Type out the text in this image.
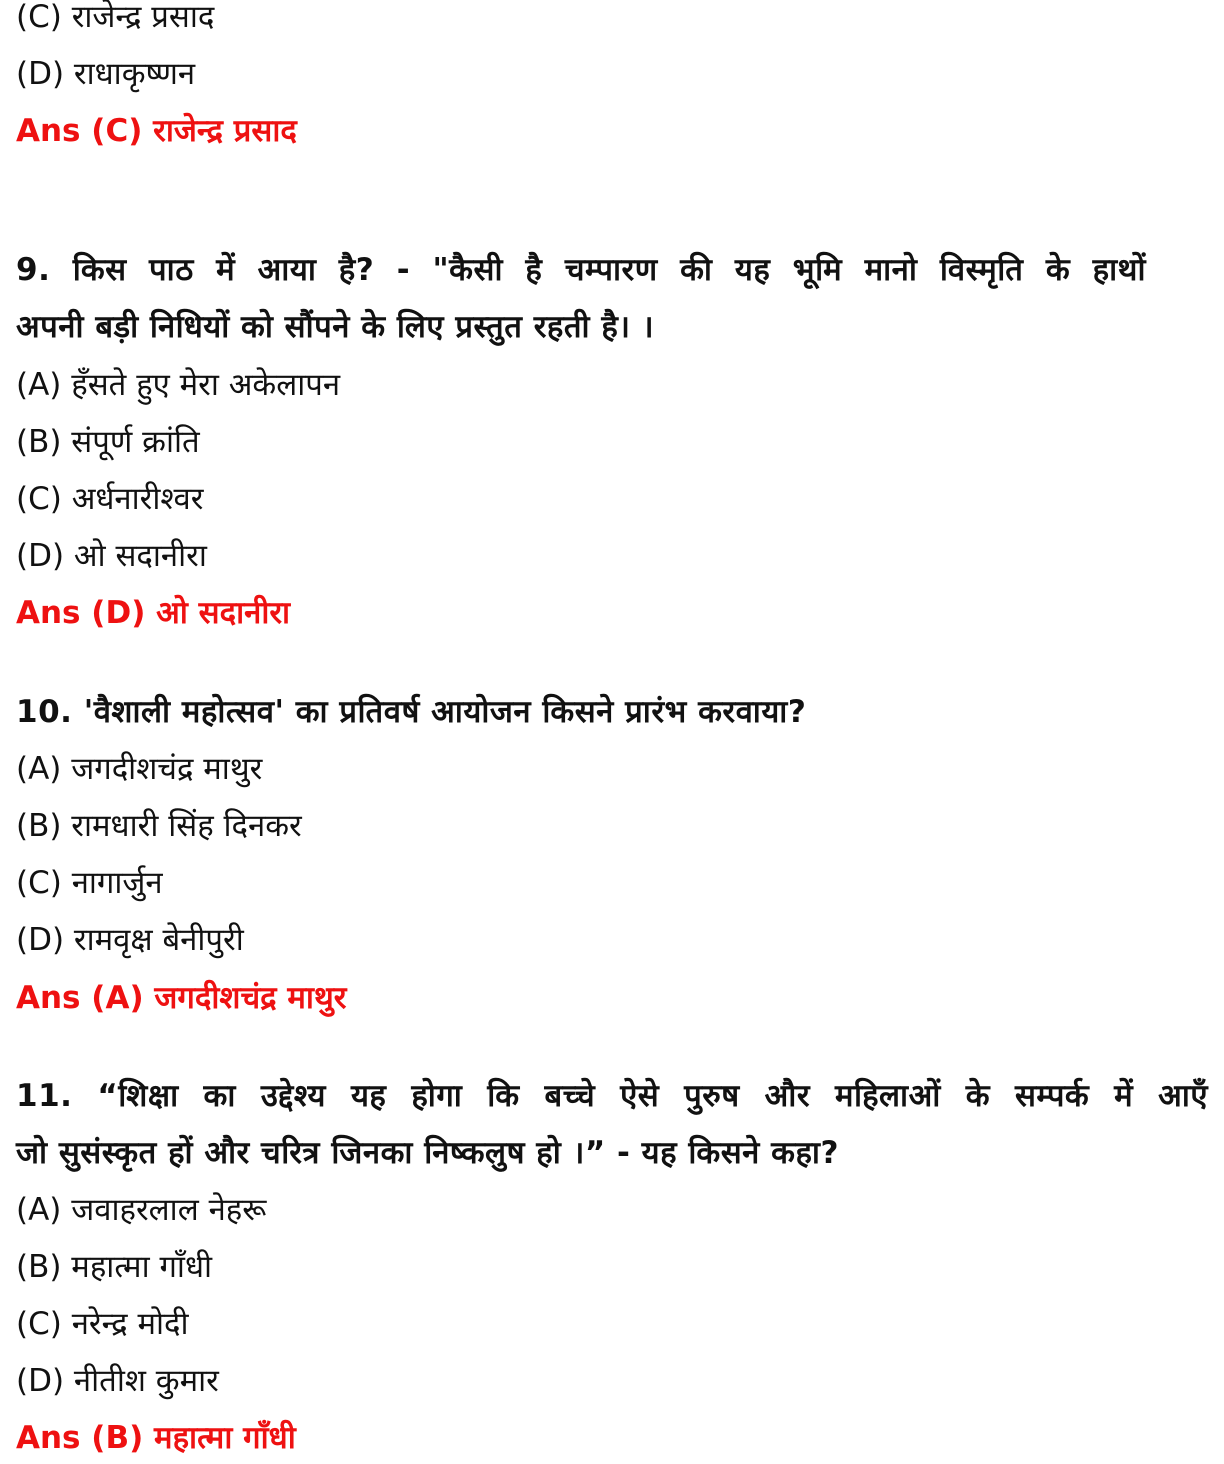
(C) राजेन्द्र प्रसाद
(D) राधाकृष्णन
Ans (C) राजेन्द्र प्रसाद
9. किस पाठ में आया है? - "कैसी है चम्पारण की यह भूमि मानो विस्मृति के हाथों
अपनी बड़ी निधियों को सौंपने के लिए प्रस्तुत रहती है। ।
(A) हँसते हुए मेरा अकेलापन
(B) संपूर्ण क्रांति
(C) अर्धनारीश्वर
(D) ओ सदानीरा
Ans (D) ओ सदानीरा
10. 'वैशाली महोत्सव' का प्रतिवर्ष आयोजन किसने प्रारंभ करवाया?
(A) जगदीशचंद्र माथुर
(B) रामधारी सिंह दिनकर
(C) नागार्जुन
(D) रामवृक्ष बेनीपुरी
Ans (A) जगदीशचंद्र माथुर
11. “शिक्षा का उद्देश्य यह होगा कि बच्चे ऐसे पुरुष और महिलाओं के सम्पर्क में आएँ
जो सुसंस्कृत हों और चरित्र जिनका निष्कलुष हो ।” - यह किसने कहा?
(A) जवाहरलाल नेहरू
(B) महात्मा गाँधी
(C) नरेन्द्र मोदी
(D) नीतीश कुमार
Ans (B) महात्मा गाँधी
